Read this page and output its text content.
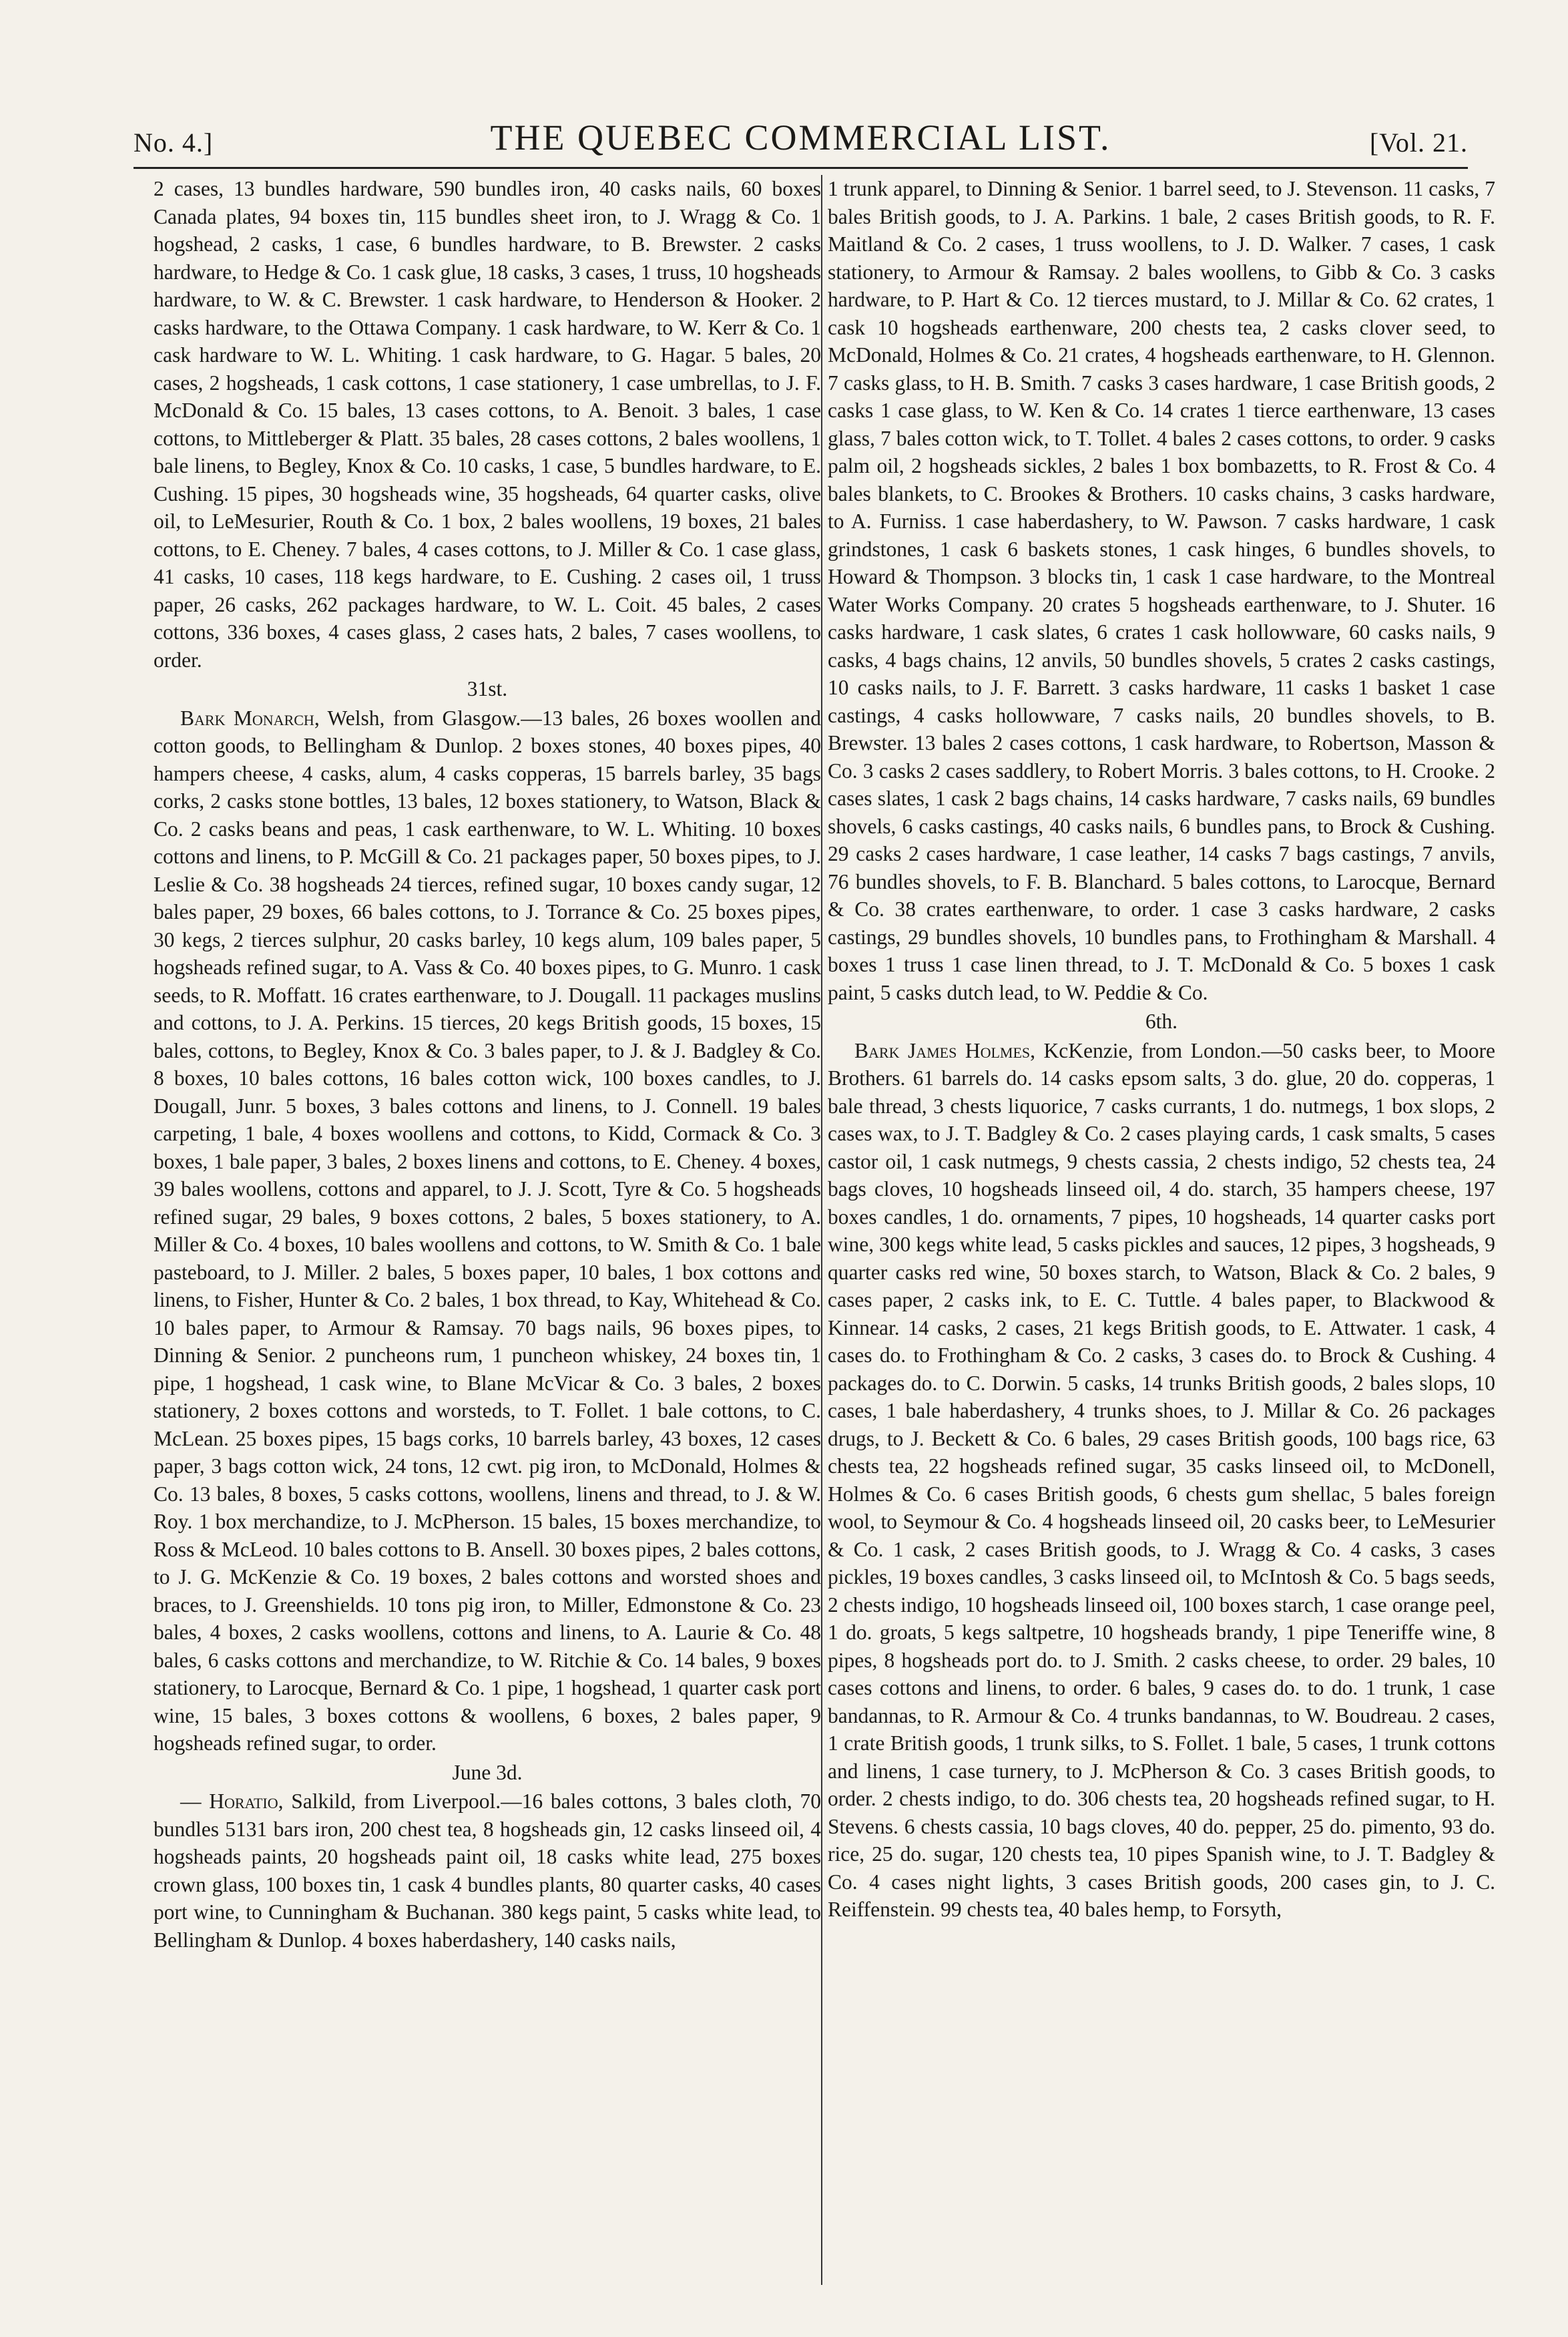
No. 4.]	THE QUEBEC COMMERCIAL LIST.	[Vol. 21.

2 cases, 13 bundles hardware, 590 bundles iron, 40 casks nails, 60 boxes Canada plates, 94 boxes tin, 115 bundles sheet iron, to J. Wragg & Co. 1 hogshead, 2 casks, 1 case, 6 bundles hardware, to B. Brewster. 2 casks hardware, to Hedge & Co. 1 cask glue, 18 casks, 3 cases, 1 truss, 10 hogsheads hardware, to W. & C. Brewster. 1 cask hardware, to Henderson & Hooker. 2 casks hardware, to the Ottawa Company. 1 cask hardware, to W. Kerr & Co. 1 cask hardware to W. L. Whiting. 1 cask hardware, to G. Hagar. 5 bales, 20 cases, 2 hogsheads, 1 cask cottons, 1 case stationery, 1 case umbrellas, to J. F. McDonald & Co. 15 bales, 13 cases cottons, to A. Benoit. 3 bales, 1 case cottons, to Mittleberger & Platt. 35 bales, 28 cases cottons, 2 bales woollens, 1 bale linens, to Begley, Knox & Co. 10 casks, 1 case, 5 bundles hardware, to E. Cushing. 15 pipes, 30 hogsheads wine, 35 hogsheads, 64 quarter casks, olive oil, to LeMesurier, Routh & Co. 1 box, 2 bales woollens, 19 boxes, 21 bales cottons, to E. Cheney. 7 bales, 4 cases cottons, to J. Miller & Co. 1 case glass, 41 casks, 10 cases, 118 kegs hardware, to E. Cushing. 2 cases oil, 1 truss paper, 26 casks, 262 packages hardware, to W. L. Coit. 45 bales, 2 cases cottons, 336 boxes, 4 cases glass, 2 cases hats, 2 bales, 7 cases woollens, to order.

31st.

Bark Monarch, Welsh, from Glasgow.—13 bales, 26 boxes woollen and cotton goods, to Bellingham & Dunlop. 2 boxes stones, 40 boxes pipes, 40 hampers cheese, 4 casks, alum, 4 casks copperas, 15 barrels barley, 35 bags corks, 2 casks stone bottles, 13 bales, 12 boxes stationery, to Watson, Black & Co. 2 casks beans and peas, 1 cask earthenware, to W. L. Whiting. 10 boxes cottons and linens, to P. McGill & Co. 21 packages paper, 50 boxes pipes, to J. Leslie & Co. 38 hogsheads 24 tierces, refined sugar, 10 boxes candy sugar, 12 bales paper, 29 boxes, 66 bales cottons, to J. Torrance & Co. 25 boxes pipes, 30 kegs, 2 tierces sulphur, 20 casks barley, 10 kegs alum, 109 bales paper, 5 hogsheads refined sugar, to A. Vass & Co. 40 boxes pipes, to G. Munro. 1 cask seeds, to R. Moffatt. 16 crates earthenware, to J. Dougall. 11 packages muslins and cottons, to J. A. Perkins. 15 tierces, 20 kegs British goods, 15 boxes, 15 bales, cottons, to Begley, Knox & Co. 3 bales paper, to J. & J. Badgley & Co. 8 boxes, 10 bales cottons, 16 bales cotton wick, 100 boxes candles, to J. Dougall, Junr. 5 boxes, 3 bales cottons and linens, to J. Connell. 19 bales carpeting, 1 bale, 4 boxes woollens and cottons, to Kidd, Cormack & Co. 3 boxes, 1 bale paper, 3 bales, 2 boxes linens and cottons, to E. Cheney. 4 boxes, 39 bales woollens, cottons and apparel, to J. J. Scott, Tyre & Co. 5 hogsheads refined sugar, 29 bales, 9 boxes cottons, 2 bales, 5 boxes stationery, to A. Miller & Co. 4 boxes, 10 bales woollens and cottons, to W. Smith & Co. 1 bale pasteboard, to J. Miller. 2 bales, 5 boxes paper, 10 bales, 1 box cottons and linens, to Fisher, Hunter & Co. 2 bales, 1 box thread, to Kay, Whitehead & Co. 10 bales paper, to Armour & Ramsay. 70 bags nails, 96 boxes pipes, to Dinning & Senior. 2 puncheons rum, 1 puncheon whiskey, 24 boxes tin, 1 pipe, 1 hogshead, 1 cask wine, to Blane McVicar & Co. 3 bales, 2 boxes stationery, 2 boxes cottons and worsteds, to T. Follet. 1 bale cottons, to C. McLean. 25 boxes pipes, 15 bags corks, 10 barrels barley, 43 boxes, 12 cases paper, 3 bags cotton wick, 24 tons, 12 cwt. pig iron, to McDonald, Holmes & Co. 13 bales, 8 boxes, 5 casks cottons, woollens, linens and thread, to J. & W. Roy. 1 box merchandize, to J. McPherson. 15 bales, 15 boxes merchandize, to Ross & McLeod. 10 bales cottons to B. Ansell. 30 boxes pipes, 2 bales cottons, to J. G. McKenzie & Co. 19 boxes, 2 bales cottons and worsted shoes and braces, to J. Greenshields. 10 tons pig iron, to Miller, Edmonstone & Co. 23 bales, 4 boxes, 2 casks woollens, cottons and linens, to A. Laurie & Co. 48 bales, 6 casks cottons and merchandize, to W. Ritchie & Co. 14 bales, 9 boxes stationery, to Larocque, Bernard & Co. 1 pipe, 1 hogshead, 1 quarter cask port wine, 15 bales, 3 boxes cottons & woollens, 6 boxes, 2 bales paper, 9 hogsheads refined sugar, to order.

June 3d.

— Horatio, Salkild, from Liverpool.—16 bales cottons, 3 bales cloth, 70 bundles 5131 bars iron, 200 chest tea, 8 hogsheads gin, 12 casks linseed oil, 4 hogsheads paints, 20 hogsheads paint oil, 18 casks white lead, 275 boxes crown glass, 100 boxes tin, 1 cask 4 bundles plants, 80 quarter casks, 40 cases port wine, to Cunningham & Buchanan. 380 kegs paint, 5 casks white lead, to Bellingham & Dunlop. 4 boxes haberdashery, 140 casks nails,

1 trunk apparel, to Dinning & Senior. 1 barrel seed, to J. Stevenson. 11 casks, 7 bales British goods, to J. A. Parkins. 1 bale, 2 cases British goods, to R. F. Maitland & Co. 2 cases, 1 truss woollens, to J. D. Walker. 7 cases, 1 cask stationery, to Armour & Ramsay. 2 bales woollens, to Gibb & Co. 3 casks hardware, to P. Hart & Co. 12 tierces mustard, to J. Millar & Co. 62 crates, 1 cask 10 hogsheads earthenware, 200 chests tea, 2 casks clover seed, to McDonald, Holmes & Co. 21 crates, 4 hogsheads earthenware, to H. Glennon. 7 casks glass, to H. B. Smith. 7 casks 3 cases hardware, 1 case British goods, 2 casks 1 case glass, to W. Ken & Co. 14 crates 1 tierce earthenware, 13 cases glass, 7 bales cotton wick, to T. Tollet. 4 bales 2 cases cottons, to order. 9 casks palm oil, 2 hogsheads sickles, 2 bales 1 box bombazetts, to R. Frost & Co. 4 bales blankets, to C. Brookes & Brothers. 10 casks chains, 3 casks hardware, to A. Furniss. 1 case haberdashery, to W. Pawson. 7 casks hardware, 1 cask grindstones, 1 cask 6 baskets stones, 1 cask hinges, 6 bundles shovels, to Howard & Thompson. 3 blocks tin, 1 cask 1 case hardware, to the Montreal Water Works Company. 20 crates 5 hogsheads earthenware, to J. Shuter. 16 casks hardware, 1 cask slates, 6 crates 1 cask hollowware, 60 casks nails, 9 casks, 4 bags chains, 12 anvils, 50 bundles shovels, 5 crates 2 casks castings, 10 casks nails, to J. F. Barrett. 3 casks hardware, 11 casks 1 basket 1 case castings, 4 casks hollowware, 7 casks nails, 20 bundles shovels, to B. Brewster. 13 bales 2 cases cottons, 1 cask hardware, to Robertson, Masson & Co. 3 casks 2 cases saddlery, to Robert Morris. 3 bales cottons, to H. Crooke. 2 cases slates, 1 cask 2 bags chains, 14 casks hardware, 7 casks nails, 69 bundles shovels, 6 casks castings, 40 casks nails, 6 bundles pans, to Brock & Cushing. 29 casks 2 cases hardware, 1 case leather, 14 casks 7 bags castings, 7 anvils, 76 bundles shovels, to F. B. Blanchard. 5 bales cottons, to Larocque, Bernard & Co. 38 crates earthenware, to order. 1 case 3 casks hardware, 2 casks castings, 29 bundles shovels, 10 bundles pans, to Frothingham & Marshall. 4 boxes 1 truss 1 case linen thread, to J. T. McDonald & Co. 5 boxes 1 cask paint, 5 casks dutch lead, to W. Peddie & Co.

6th.

Bark James Holmes, KcKenzie, from London.—50 casks beer, to Moore Brothers. 61 barrels do. 14 casks epsom salts, 3 do. glue, 20 do. copperas, 1 bale thread, 3 chests liquorice, 7 casks currants, 1 do. nutmegs, 1 box slops, 2 cases wax, to J. T. Badgley & Co. 2 cases playing cards, 1 cask smalts, 5 cases castor oil, 1 cask nutmegs, 9 chests cassia, 2 chests indigo, 52 chests tea, 24 bags cloves, 10 hogsheads linseed oil, 4 do. starch, 35 hampers cheese, 197 boxes candles, 1 do. ornaments, 7 pipes, 10 hogsheads, 14 quarter casks port wine, 300 kegs white lead, 5 casks pickles and sauces, 12 pipes, 3 hogsheads, 9 quarter casks red wine, 50 boxes starch, to Watson, Black & Co. 2 bales, 9 cases paper, 2 casks ink, to E. C. Tuttle. 4 bales paper, to Blackwood & Kinnear. 14 casks, 2 cases, 21 kegs British goods, to E. Attwater. 1 cask, 4 cases do. to Frothingham & Co. 2 casks, 3 cases do. to Brock & Cushing. 4 packages do. to C. Dorwin. 5 casks, 14 trunks British goods, 2 bales slops, 10 cases, 1 bale haberdashery, 4 trunks shoes, to J. Millar & Co. 26 packages drugs, to J. Beckett & Co. 6 bales, 29 cases British goods, 100 bags rice, 63 chests tea, 22 hogsheads refined sugar, 35 casks linseed oil, to McDonell, Holmes & Co. 6 cases British goods, 6 chests gum shellac, 5 bales foreign wool, to Seymour & Co. 4 hogsheads linseed oil, 20 casks beer, to LeMesurier & Co. 1 cask, 2 cases British goods, to J. Wragg & Co. 4 casks, 3 cases pickles, 19 boxes candles, 3 casks linseed oil, to McIntosh & Co. 5 bags seeds, 2 chests indigo, 10 hogsheads linseed oil, 100 boxes starch, 1 case orange peel, 1 do. groats, 5 kegs saltpetre, 10 hogsheads brandy, 1 pipe Teneriffe wine, 8 pipes, 8 hogsheads port do. to J. Smith. 2 casks cheese, to order. 29 bales, 10 cases cottons and linens, to order. 6 bales, 9 cases do. to do. 1 trunk, 1 case bandannas, to R. Armour & Co. 4 trunks bandannas, to W. Boudreau. 2 cases, 1 crate British goods, 1 trunk silks, to S. Follet. 1 bale, 5 cases, 1 trunk cottons and linens, 1 case turnery, to J. McPherson & Co. 3 cases British goods, to order. 2 chests indigo, to do. 306 chests tea, 20 hogsheads refined sugar, to H. Stevens. 6 chests cassia, 10 bags cloves, 40 do. pepper, 25 do. pimento, 93 do. rice, 25 do. sugar, 120 chests tea, 10 pipes Spanish wine, to J. T. Badgley & Co. 4 cases night lights, 3 cases British goods, 200 cases gin, to J. C. Reiffenstein. 99 chests tea, 40 bales hemp, to Forsyth,
